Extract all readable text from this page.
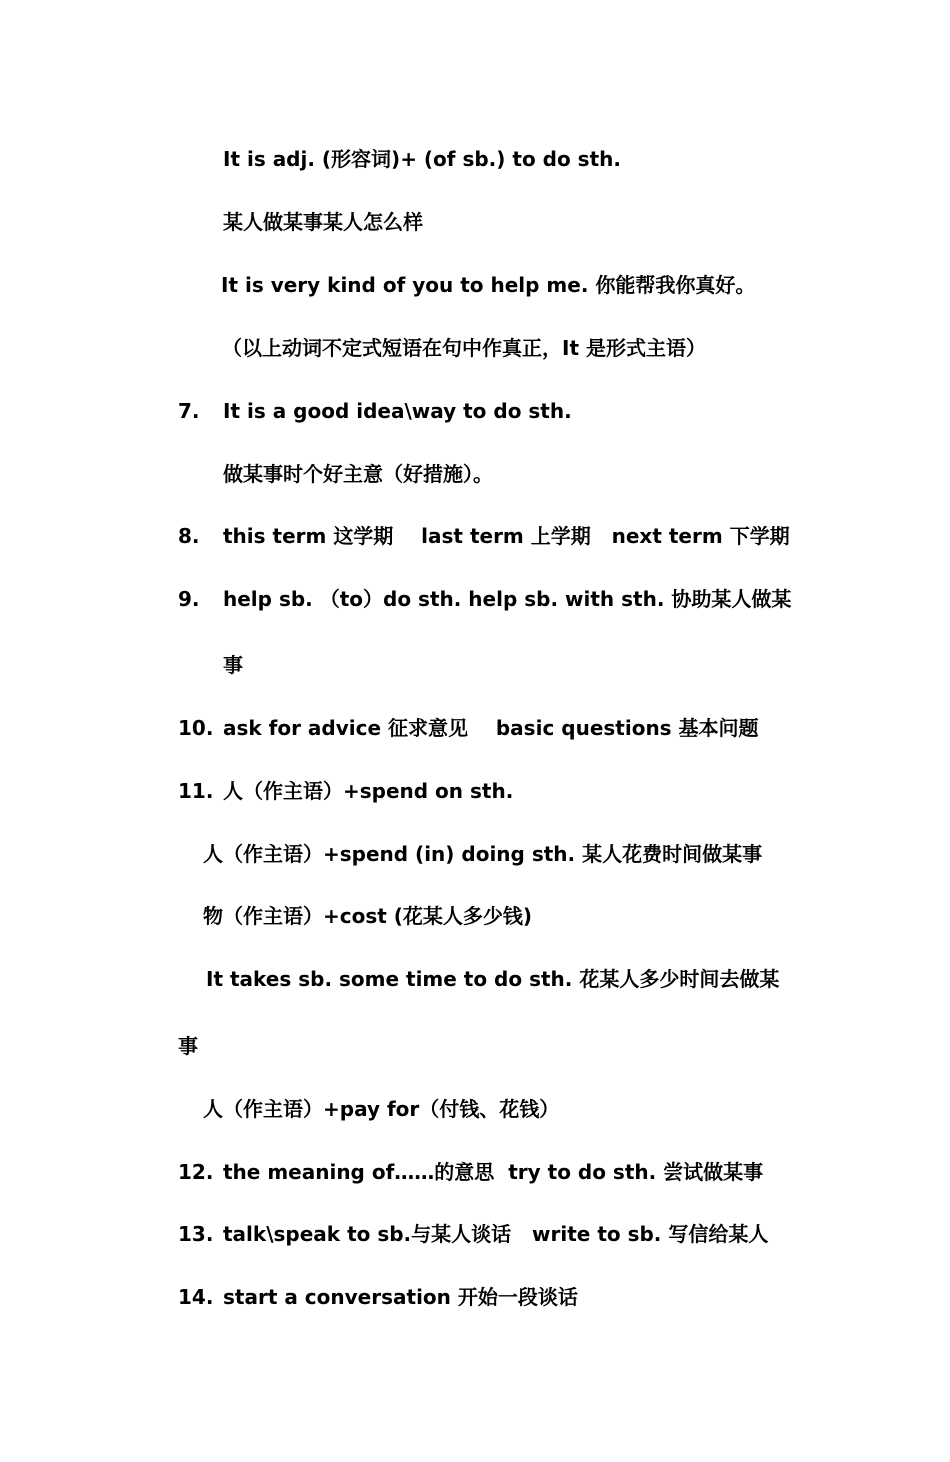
It is adj. (形容词)+ (of sb.) to do sth.
某人做某事某人怎么样
It is very kind of you to help me. 你能帮我你真好。
（以上动词不定式短语在句中作真正，It 是形式主语）
7. It is a good idea\way to do sth.
做某事时个好主意（好措施）。
8. this term 这学期    last term 上学期   next term 下学期
9. help sb. （to）do sth. help sb. with sth. 协助某人做某
事
10. ask for advice 征求意见    basic questions 基本问题
11. 人（作主语）+spend on sth.
人（作主语）+spend (in) doing sth. 某人花费时间做某事
物（作主语）+cost (花某人多少钱)
It takes sb. some time to do sth. 花某人多少时间去做某
事
人（作主语）+pay for（付钱、花钱）
12. the meaning of……的意思  try to do sth. 尝试做某事
13. talk\speak to sb.与某人谈话   write to sb. 写信给某人
14. start a conversation 开始一段谈话
